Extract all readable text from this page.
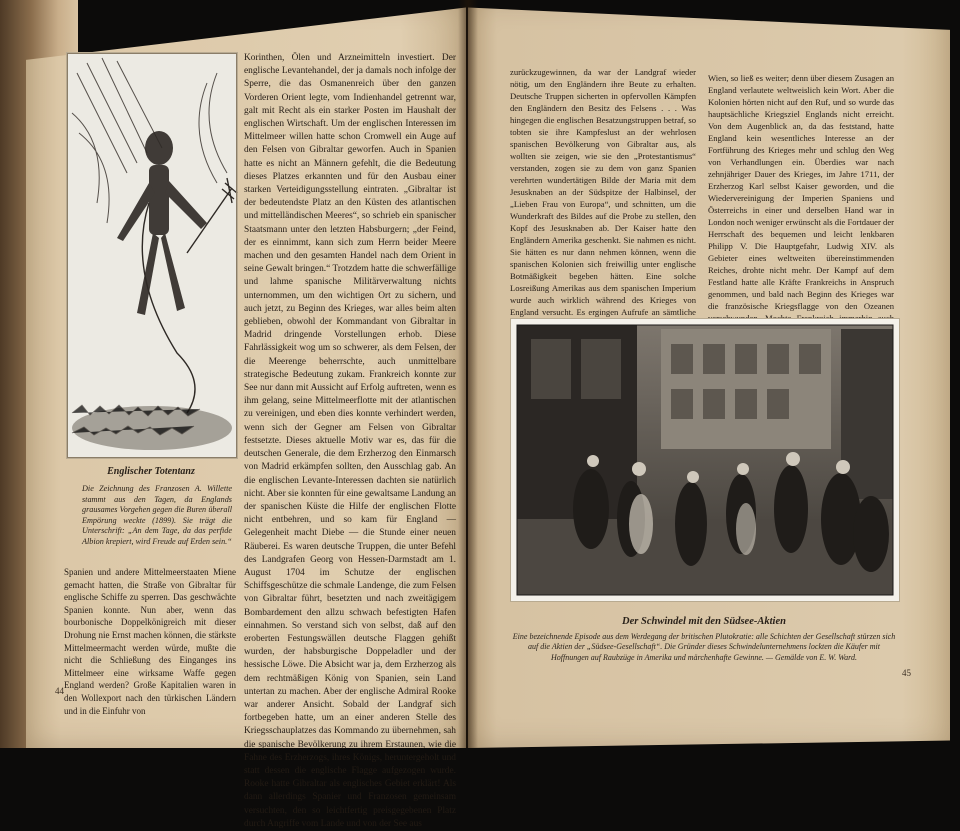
Englischer Totentanz
Die Zeichnung des Franzosen A. Willette stammt aus den Tagen, da Englands grausames Vorgehen gegen die Buren überall Empörung weckte (1899). Sie trägt die Unterschrift: „An dem Tage, da das perfide Albion krepiert, wird Freude auf Erden sein.“
Korinthen, Ölen und Arzneimitteln investiert. Der englische Levantehandel, der ja damals noch infolge der Sperre, die das Osmanenreich über den ganzen Vorderen Orient legte, vom Indienhandel getrennt war, galt mit Recht als ein starker Posten im Haushalt der englischen Wirtschaft. Um der englischen Interessen im Mittelmeer willen hatte schon Cromwell ein Auge auf den Felsen von Gibraltar geworfen. Auch in Spanien hatte es nicht an Männern gefehlt, die die Bedeutung dieses Platzes erkannten und für den Ausbau einer starken Verteidigungsstellung eintraten. „Gibraltar ist der bedeutendste Platz an den Küsten des atlantischen und mittelländischen Meeres“, so schrieb ein spanischer Staatsmann unter den letzten Habsburgern; „der Feind, der es einnimmt, kann sich zum Herrn beider Meere machen und den gesamten Handel nach dem Orient in seine Gewalt bringen.“ Trotzdem hatte die schwerfällige und lahme spanische Militärverwaltung nichts unternommen, um den wichtigen Ort zu sichern, und auch jetzt, zu Beginn des Krieges, war alles beim alten geblieben, obwohl der Kommandant von Gibraltar in Madrid dringende Vorstellungen erhob. Diese Fahrlässigkeit wog um so schwerer, als dem Felsen, der die Meerenge beherrschte, auch unmittelbare strategische Bedeutung zukam. Frankreich konnte zur See nur dann mit Aussicht auf Erfolg auftreten, wenn es ihm gelang, seine Mittelmeerflotte mit der atlantischen zu vereinigen, und eben dies konnte verhindert werden, wenn sich der Gegner am Felsen von Gibraltar festsetzte. Dieses aktuelle Motiv war es, das für die deutschen Generale, die dem Erzherzog den Einmarsch von Madrid erkämpfen sollten, den Ausschlag gab. An die englischen Levante-Interessen dachten sie natürlich nicht. Aber sie konnten für eine gewaltsame Landung an der spanischen Küste die Hilfe der englischen Flotte nicht entbehren, und so kam für England — Gelegenheit macht Diebe — die Stunde einer neuen Räuberei. Es waren deutsche Truppen, die unter Befehl des Landgrafen Georg von Hessen-Darmstadt am 1. August 1704 im Schutze der englischen Schiffsgeschütze die schmale Landenge, die zum Felsen von Gibraltar führt, besetzten und nach zweitägigem Bombardement den allzu schwach befestigten Hafen einnahmen. So verstand sich von selbst, daß auf den eroberten Festungswällen deutsche Flaggen gehißt wurden, der habsburgische Doppeladler und der hessische Löwe. Die Absicht war ja, dem Erzherzog als dem rechtmäßigen König von Spanien, sein Land untertan zu machen. Aber der englische Admiral Rooke war anderer Ansicht. Sobald der Landgraf sich fortbegeben hatte, um an einer anderen Stelle des Kriegsschauplatzes das Kommando zu übernehmen, sah die spanische Bevölkerung zu ihrem Erstaunen, wie die Fahne des Erzherzogs, ihres Königs, heruntergeholt und statt dessen die englische Flagge aufgezogen wurde. Rooke hatte Gibraltar als englisches Gebiet erklärt! Als dann allerdings Spanier und Franzosen gemeinsam versuchten, den so leichtfertig preisgegebenen Platz durch Angriffe vom Lande und von der See aus
Spanien und andere Mittelmeerstaaten Miene gemacht hatten, die Straße von Gibraltar für englische Schiffe zu sperren. Das geschwächte Spanien konnte. Nun aber, wenn das bourbonische Doppelkönigreich mit dieser Drohung nie Ernst machen können, die stärkste Mittelmeermacht werden würde, mußte die nicht die Schließung des Einganges ins Mittelmeer eine wirksame Waffe gegen England werden? Große Kapitalien waren in den Wollexport nach den türkischen Ländern und in die Einfuhr von
44
zurückzugewinnen, da war der Landgraf wieder nötig, um den Engländern ihre Beute zu erhalten. Deutsche Truppen sicherten in opfervollen Kämpfen den Engländern den Besitz des Felsens . . . Was hingegen die englischen Besatzungstruppen betraf, so tobten sie ihre Kampfeslust an der wehrlosen spanischen Bevölkerung von Gibraltar aus, als wollten sie zeigen, wie sie den „Protestantismus“ verstanden, zogen sie zu dem von ganz Spanien verehrten wundertätigen Bilde der Maria mit dem Jesusknaben an der Südspitze der Halbinsel, der „Lieben Frau von Europa“, und schnitten, um die Wunderkraft des Bildes auf die Probe zu stellen, den Kopf des Jesusknaben ab. Der Kaiser hatte den Engländern Amerika geschenkt. Sie nahmen es nicht. Sie hätten es nur dann nehmen können, wenn die spanischen Kolonien sich freiwillig unter englische Botmäßigkeit begeben hätten. Eine solche Losreißung Amerikas aus dem spanischen Imperium wurde auch wirklich während des Krieges von England versucht. Es ergingen Aufrufe an sämtliche
Wien, so ließ es weiter; denn über diesem Zusagen an England verlautete weltweislich kein Wort. Aber die Kolonien hörten nicht auf den Ruf, und so wurde das hauptsächliche Kriegsziel Englands nicht erreicht. Von dem Augenblick an, da das feststand, hatte England kein wesentliches Interesse an der Fortführung des Krieges mehr und schlug den Weg von Verhandlungen ein. Überdies war nach zehnjähriger Dauer des Krieges, im Jahre 1711, der Erzherzog Karl selbst Kaiser geworden, und die Wiedervereinigung der Imperien Spaniens und Österreichs in einer und derselben Hand war in London noch weniger erwünscht als die Fortdauer der Herrschaft des bequemen und leicht lenkbaren Philipp V. Die Hauptgefahr, Ludwig XIV. als Gebieter eines weltweiten übereinstimmenden Reiches, drohte nicht mehr. Der Kampf auf dem Festland hatte alle Kräfte Frankreichs in Anspruch genommen, und bald nach Beginn des Krieges war die französische Kriegsflagge von den Ozeanen
Der Schwindel mit den Südsee-Aktien
Eine bezeichnende Episode aus dem Werdegang der britischen Plutokratie: alle Schichten der Gesellschaft stürzen sich auf die Aktien der „Südsee-Gesellschaft“. Die Gründer dieses Schwindelunternehmens lockten die Käufer mit Hoffnungen auf Raubzüge in Amerika und märchenhafte Gewinne. — Gemälde von E. W. Ward.
45
